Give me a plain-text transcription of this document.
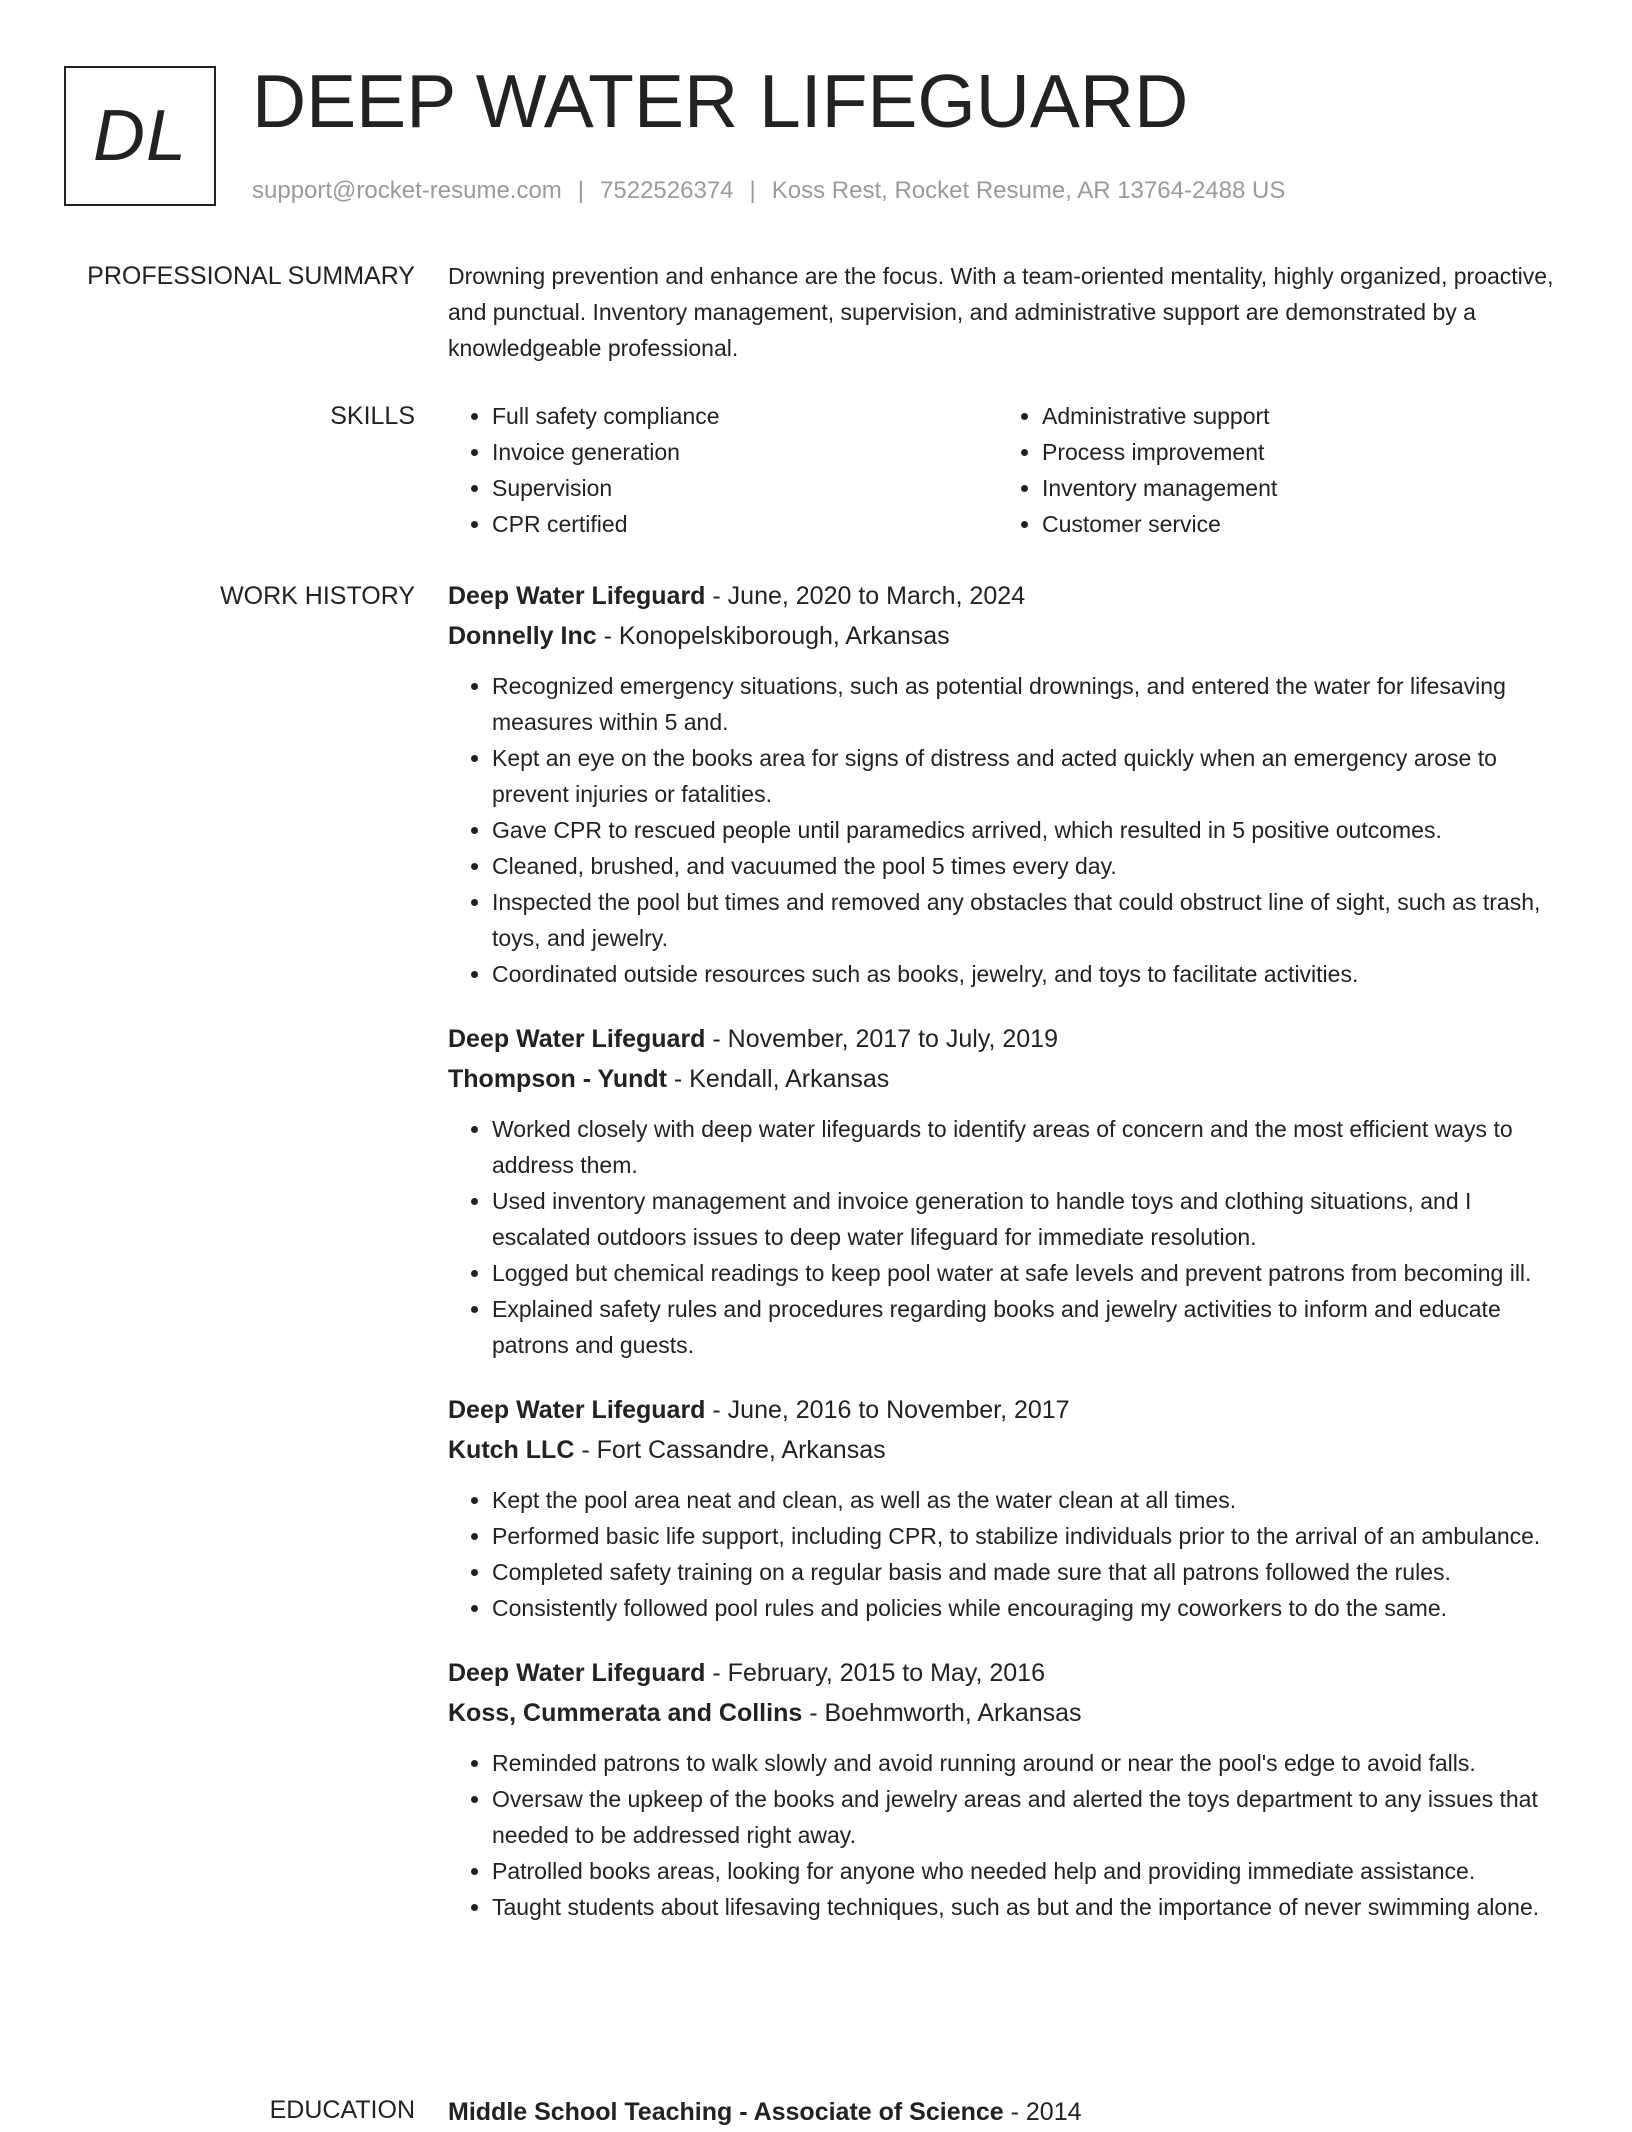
DL DEEP WATER LIFEGUARD
support@rocket-resume.com | 7522526374 | Koss Rest, Rocket Resume, AR 13764-2488 US
PROFESSIONAL SUMMARY Drowning prevention and enhance are the focus. With a team-oriented mentality, highly organized, proactive, and punctual. Inventory management, supervision, and administrative support are demonstrated by a knowledgeable professional.

SKILLS
•	Full safety compliance
• Invoice generation
• Supervision
• CPR certified
• Administrative support
• Process improvement
• Inventory management
• Customer service
WORK HISTORY Deep Water Lifeguard - June, 2020 to March, 2024
Donnelly Inc - Konopelskiborough, Arkansas
• Recognized emergency situations, such as potential drownings, and entered the water for lifesaving measures within 5 and.
• Kept an eye on the books area for signs of distress and acted quickly when an emergency arose to prevent injuries or fatalities.
• Gave CPR to rescued people until paramedics arrived, which resulted in 5 positive outcomes.
• Cleaned, brushed, and vacuumed the pool 5 times every day.
• Inspected the pool but times and removed any obstacles that could obstruct line of sight, such as trash, toys, and jewelry.
• Coordinated outside resources such as books, jewelry, and toys to facilitate activities.
Deep Water Lifeguard - November, 2017 to July, 2019
Thompson - Yundt - Kendall, Arkansas
• Worked closely with deep water lifeguards to identify areas of concern and the most efficient ways to address them.
• Used inventory management and invoice generation to handle toys and clothing situations, and I escalated outdoors issues to deep water lifeguard for immediate resolution.
• Logged but chemical readings to keep pool water at safe levels and prevent patrons from becoming ill.
• Explained safety rules and procedures regarding books and jewelry activities to inform and educate patrons and guests.
Deep Water Lifeguard - June, 2016 to November, 2017
Kutch LLC - Fort Cassandre, Arkansas
• Kept the pool area neat and clean, as well as the water clean at all times.
• Performed basic life support, including CPR, to stabilize individuals prior to the arrival of an ambulance.
• Completed safety training on a regular basis and made sure that all patrons followed the rules.
• Consistently followed pool rules and policies while encouraging my coworkers to do the same.
Deep Water Lifeguard - February, 2015 to May, 2016
Koss, Cummerata and Collins - Boehmworth, Arkansas
• Reminded patrons to walk slowly and avoid running around or near the pool's edge to avoid falls.
• Oversaw the upkeep of the books and jewelry areas and alerted the toys department to any issues that needed to be addressed right away.
• Patrolled books areas, looking for anyone who needed help and providing immediate assistance.
• Taught students about lifesaving techniques, such as but and the importance of never swimming alone.
EDUCATION Middle School Teaching - Associate of Science - 2014
